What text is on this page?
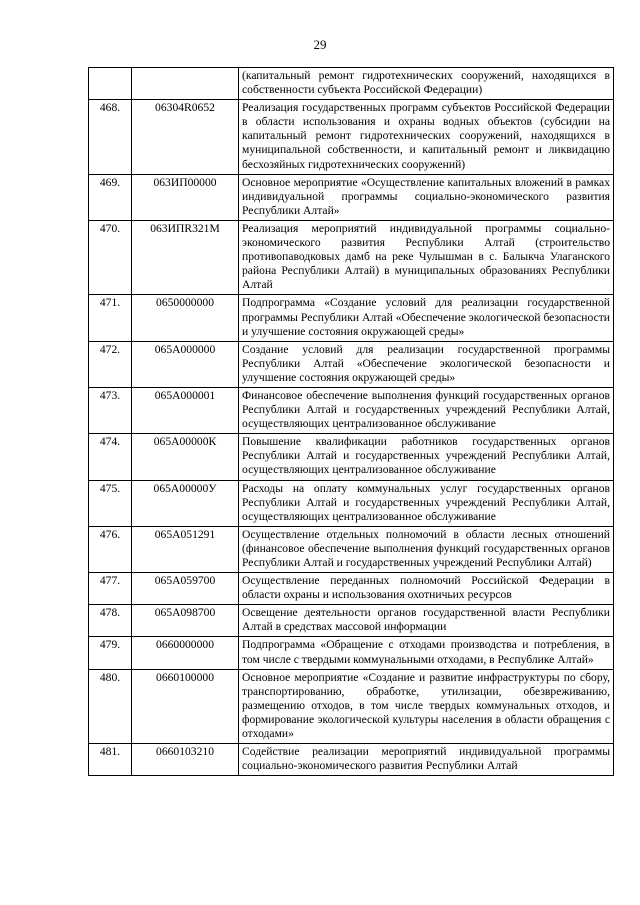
29
		(капитальный ремонт гидротехнических сооружений, находящихся в собственности субъекта Российской Федерации)
468.	06304R0652	Реализация государственных программ субъектов Российской Федерации в области использования и охраны водных объектов (субсидии на капитальный ремонт гидротехнических сооружений, находящихся в муниципальной собственности, и капитальный ремонт и ликвидацию бесхозяйных гидротехнических сооружений)
469.	063ИП00000	Основное мероприятие «Осуществление капитальных вложений в рамках индивидуальной программы социально-экономического развития Республики Алтай»
470.	063ИПR321М	Реализация мероприятий индивидуальной программы социально-экономического развития Республики Алтай (строительство противопаводковых дамб на реке Чулышман в с. Балыкча Улаганского района Республики Алтай) в муниципальных образованиях Республики Алтай
471.	0650000000	Подпрограмма «Создание условий для реализации государственной программы Республики Алтай «Обеспечение экологической безопасности и улучшение состояния окружающей среды»
472.	065А000000	Создание условий для реализации государственной программы Республики Алтай «Обеспечение экологической безопасности и улучшение состояния окружающей среды»
473.	065А000001	Финансовое обеспечение выполнения функций государственных органов Республики Алтай и государственных учреждений Республики Алтай, осуществляющих централизованное обслуживание
474.	065А00000К	Повышение квалификации работников государственных органов Республики Алтай и государственных учреждений Республики Алтай, осуществляющих централизованное обслуживание
475.	065А00000У	Расходы на оплату коммунальных услуг государственных органов Республики Алтай и государственных учреждений Республики Алтай, осуществляющих централизованное обслуживание
476.	065А051291	Осуществление отдельных полномочий в области лесных отношений (финансовое обеспечение выполнения функций государственных органов Республики Алтай и государственных учреждений Республики Алтай)
477.	065А059700	Осуществление переданных полномочий Российской Федерации в области охраны и использования охотничьих ресурсов
478.	065А098700	Освещение деятельности органов государственной власти Республики Алтай в средствах массовой информации
479.	0660000000	Подпрограмма «Обращение с отходами производства и потребления, в том числе с твердыми коммунальными отходами, в Республике Алтай»
480.	0660100000	Основное мероприятие «Создание и развитие инфраструктуры по сбору, транспортированию, обработке, утилизации, обезвреживанию, размещению отходов, в том числе твердых коммунальных отходов, и формирование экологической культуры населения в области обращения с отходами»
481.	0660103210	Содействие реализации мероприятий индивидуальной программы социально-экономического развития Республики Алтай
